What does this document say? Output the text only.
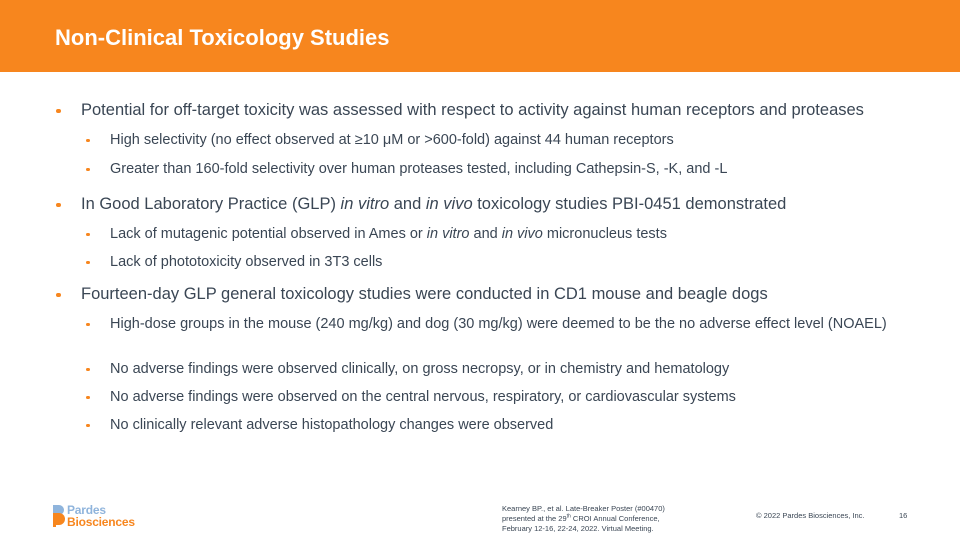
Non-Clinical Toxicology Studies

Potential for off-target toxicity was assessed with respect to activity against human receptors and proteases

High selectivity (no effect observed at ≥10 μM or >600-fold) against 44 human receptors

Greater than 160-fold selectivity over human proteases tested, including Cathepsin-S, -K, and -L

In Good Laboratory Practice (GLP) in vitro and in vivo toxicology studies PBI-0451 demonstrated

Lack of mutagenic potential observed in Ames or in vitro and in vivo micronucleus tests

Lack of phototoxicity observed in 3T3 cells

Fourteen-day GLP general toxicology studies were conducted in CD1 mouse and beagle dogs

High-dose groups in the mouse (240 mg/kg) and dog (30 mg/kg) were deemed to be the no adverse effect level (NOAEL)

No adverse findings were observed clinically, on gross necropsy, or in chemistry and hematology

No adverse findings were observed on the central nervous, respiratory, or cardiovascular systems

No clinically relevant adverse histopathology changes were observed

Pardes
Biosciences
Kearney BP., et al. Late-Breaker Poster (#00470)
presented at the 29th CROI Annual Conference,
February 12-16, 22-24, 2022. Virtual Meeting.
© 2022 Pardes Biosciences, Inc.	16
